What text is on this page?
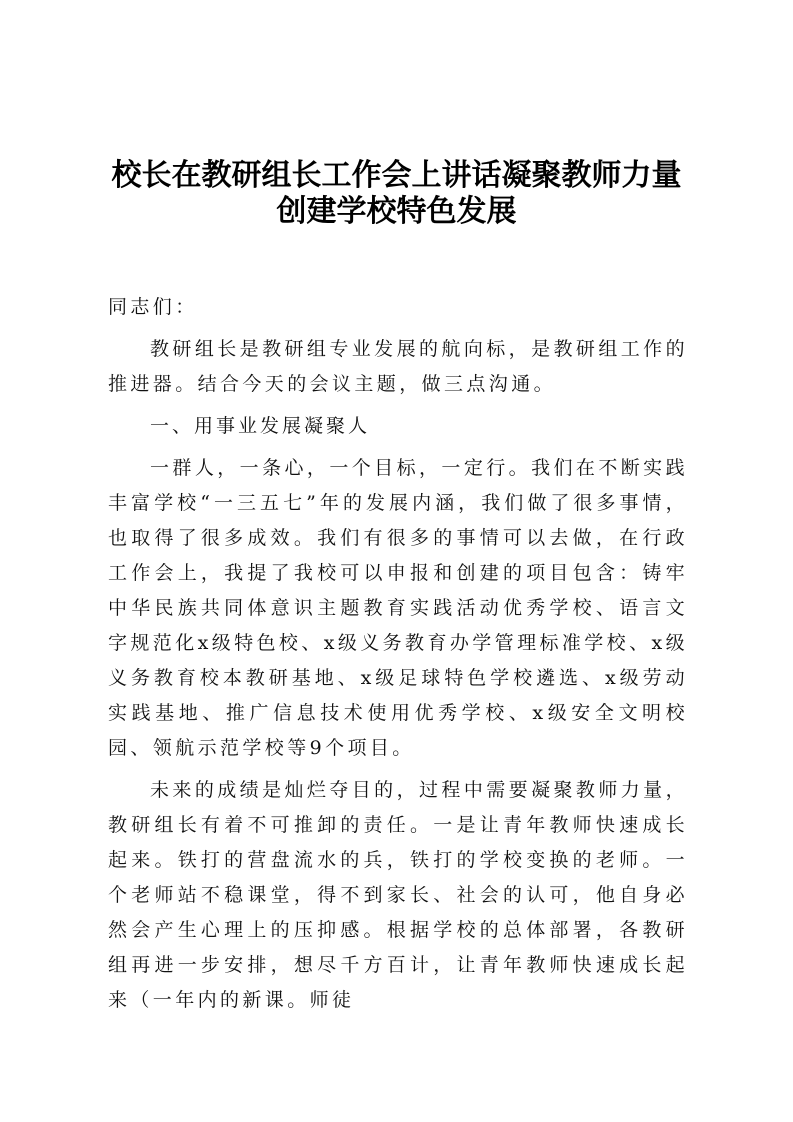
校长在教研组长工作会上讲话凝聚教师力量创建学校特色发展

同志们：

教研组长是教研组专业发展的航向标，是教研组工作的推进器。结合今天的会议主题，做三点沟通。

一、用事业发展凝聚人

一群人，一条心，一个目标，一定行。我们在不断实践丰富学校“一三五七”年的发展内涵，我们做了很多事情，也取得了很多成效。我们有很多的事情可以去做，在行政工作会上，我提了我校可以申报和创建的项目包含：铸牢中华民族共同体意识主题教育实践活动优秀学校、语言文字规范化x级特色校、x级义务教育办学管理标准学校、x级义务教育校本教研基地、x级足球特色学校遴选、x级劳动实践基地、推广信息技术使用优秀学校、x级安全文明校园、领航示范学校等9个项目。

未来的成绩是灿烂夺目的，过程中需要凝聚教师力量，教研组长有着不可推卸的责任。一是让青年教师快速成长起来。铁打的营盘流水的兵，铁打的学校变换的老师。一个老师站不稳课堂，得不到家长、社会的认可，他自身必然会产生心理上的压抑感。根据学校的总体部署，各教研组再进一步安排，想尽千方百计，让青年教师快速成长起来（一年内的新课。师徒
